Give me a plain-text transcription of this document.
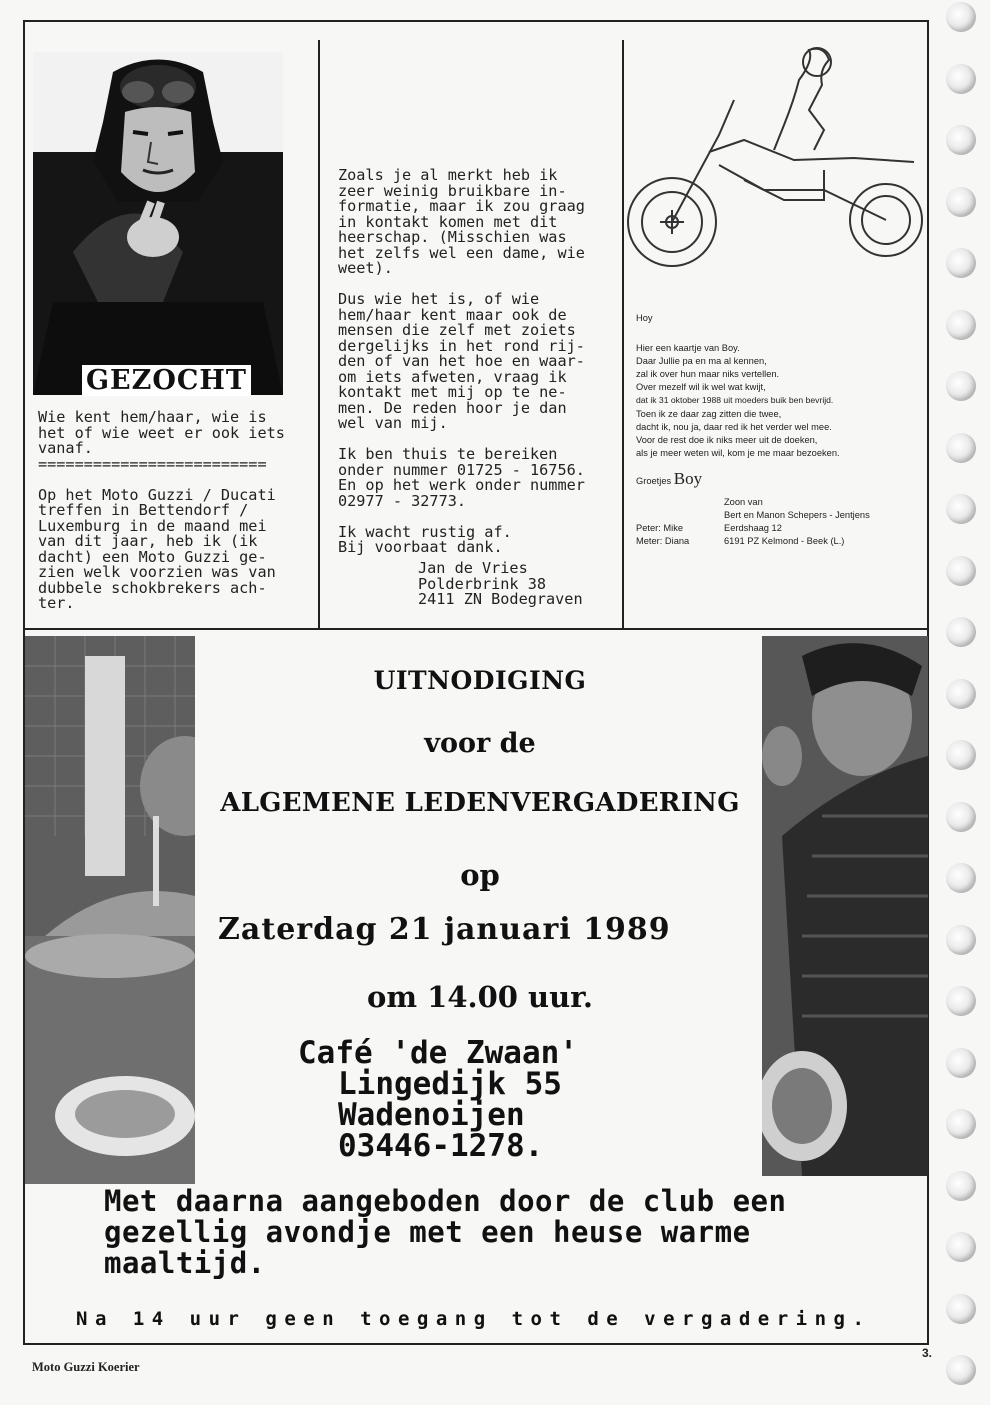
GEZOCHT
Wie kent hem/haar, wie is
het of wie weet er ook iets
vanaf.
=========================

Op het Moto Guzzi / Ducati
treffen in Bettendorf /
Luxemburg in de maand mei
van dit jaar, heb ik (ik
dacht) een Moto Guzzi ge-
zien welk voorzien was van
dubbele schokbrekers ach-
ter.
Zoals je al merkt heb ik
zeer weinig bruikbare in-
formatie, maar ik zou graag
in kontakt komen met dit
heerschap. (Misschien was
het zelfs wel een dame, wie
weet).

Dus wie het is, of wie
hem/haar kent maar ook de
mensen die zelf met zoiets
dergelijks in het rond rij-
den of van het hoe en waar-
om iets afweten, vraag ik
kontakt met mij op te ne-
men. De reden hoor je dan
wel van mij.

Ik ben thuis te bereiken
onder nummer 01725 - 16756.
En op het werk onder nummer
02977 - 32773.

Ik wacht rustig af.
Bij voorbaat dank.
Jan de Vries
Polderbrink 38
2411 ZN Bodegraven

Hoy

Hier een kaartje van Boy.

Daar Jullie pa en ma al kennen,

zal ik over hun maar niks vertellen.

Over mezelf wil ik wel wat kwijt,

dat ik 31 oktober 1988 uit moeders buik ben bevrijd.

Toen ik ze daar zag zitten die twee,

dacht ik, nou ja, daar red ik het verder wel mee.

Voor de rest doe ik niks meer uit de doeken,

als je meer weten wil, kom je me maar bezoeken.

Groetjes Boy

Peter: Mike

Meter: Diana

Zoon van

Bert en Manon Schepers - Jentjens

Eerdshaag 12

6191 PZ Kelmond - Beek (L.)

UITNODIGING
voor de
ALGEMENE LEDENVERGADERING
op
Zaterdag 21 januari 1989
om 14.00 uur.
Café 'de Zwaan'
Lingedijk 55
Wadenoijen
03446-1278.
Met daarna aangeboden door de club een
gezellig avondje met een heuse warme
maaltijd.
Na 14 uur geen toegang tot de vergadering.
Moto Guzzi Koerier
3.
